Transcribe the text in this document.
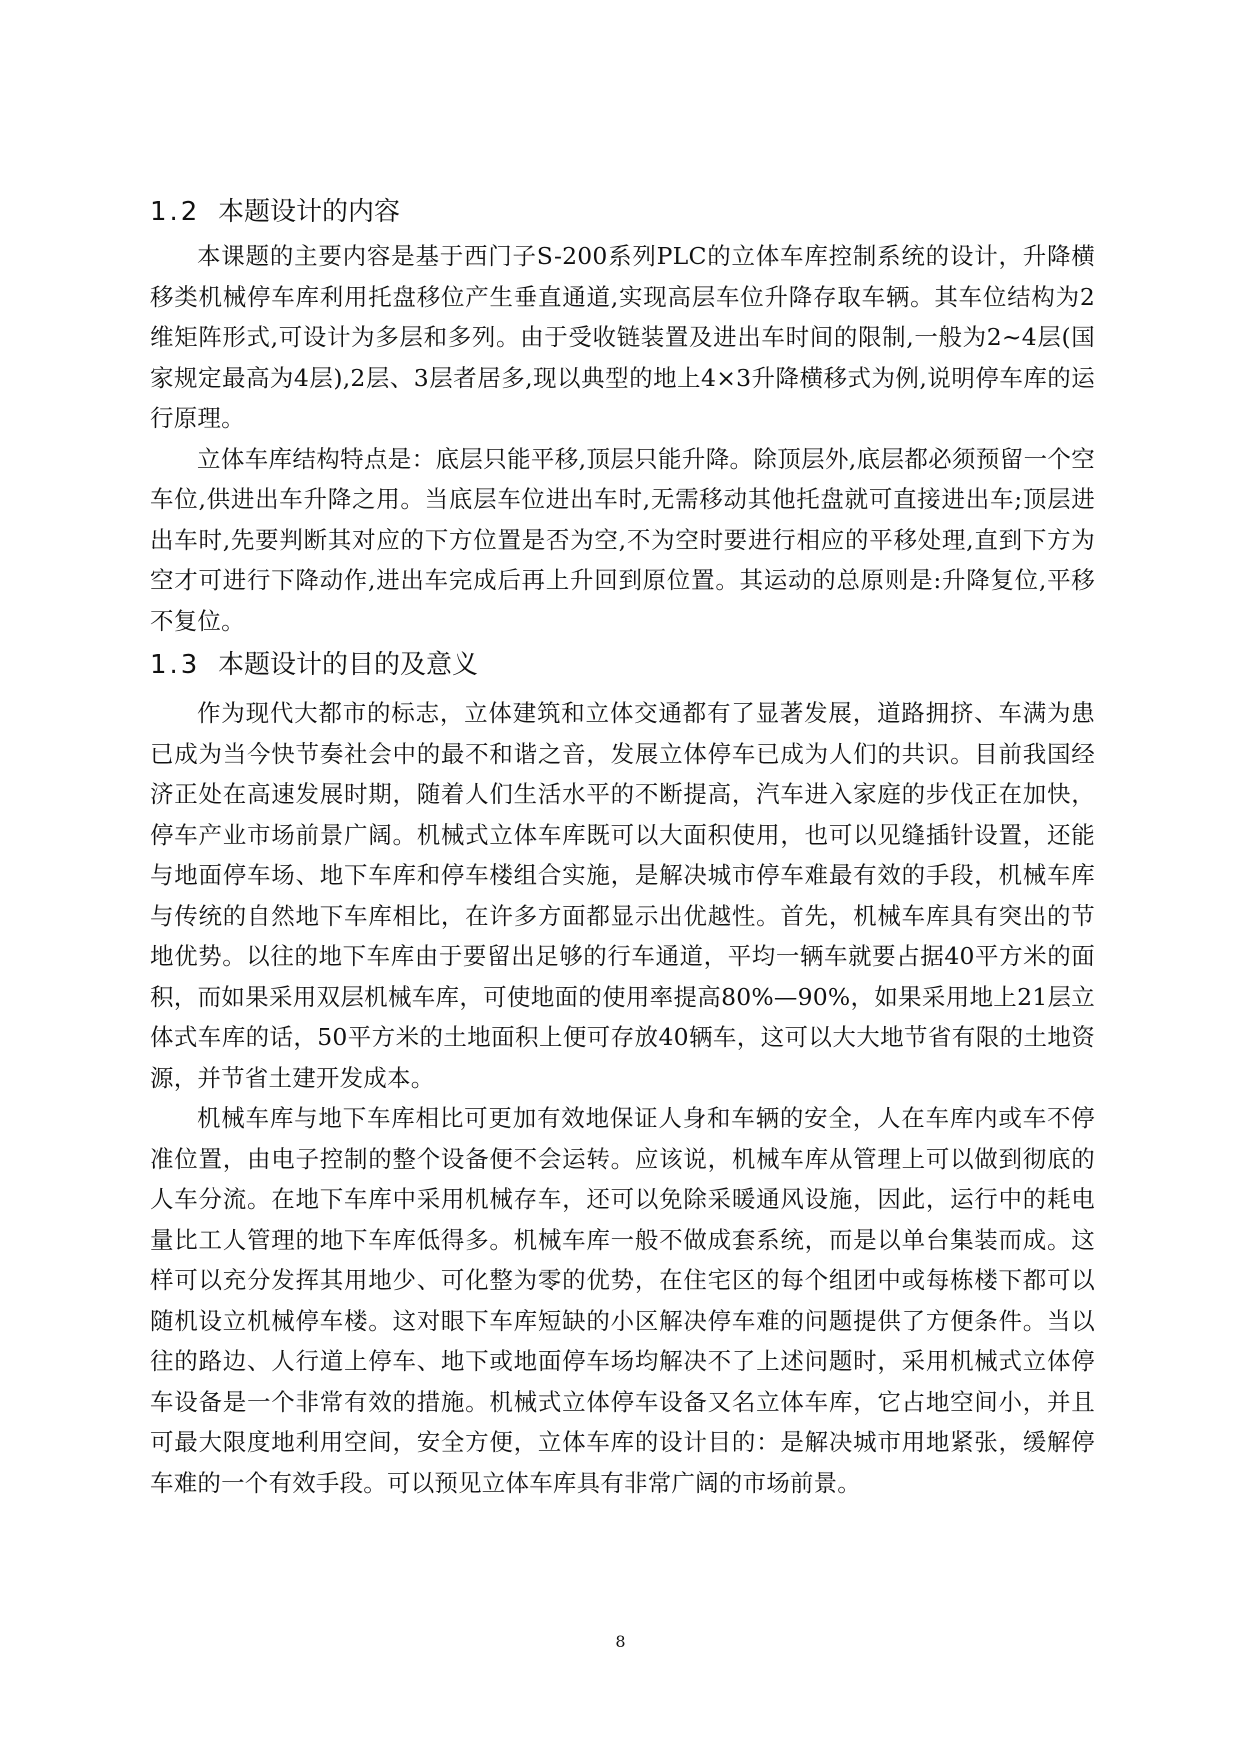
1.2 本题设计的内容

本课题的主要内容是基于西门子S-200系列PLC的立体车库控制系统的设计，升降横移类机械停车库利用托盘移位产生垂直通道,实现高层车位升降存取车辆。其车位结构为2维矩阵形式,可设计为多层和多列。由于受收链装置及进出车时间的限制,一般为2~4层(国家规定最高为4层),2层、3层者居多,现以典型的地上4×3升降横移式为例,说明停车库的运行原理。

立体车库结构特点是：底层只能平移,顶层只能升降。除顶层外,底层都必须预留一个空车位,供进出车升降之用。当底层车位进出车时,无需移动其他托盘就可直接进出车;顶层进出车时,先要判断其对应的下方位置是否为空,不为空时要进行相应的平移处理,直到下方为空才可进行下降动作,进出车完成后再上升回到原位置。其运动的总原则是:升降复位,平移不复位。

1.3 本题设计的目的及意义

作为现代大都市的标志，立体建筑和立体交通都有了显著发展，道路拥挤、车满为患已成为当今快节奏社会中的最不和谐之音，发展立体停车已成为人们的共识。目前我国经济正处在高速发展时期，随着人们生活水平的不断提高，汽车进入家庭的步伐正在加快，停车产业市场前景广阔。机械式立体车库既可以大面积使用，也可以见缝插针设置，还能与地面停车场、地下车库和停车楼组合实施，是解决城市停车难最有效的手段，机械车库与传统的自然地下车库相比，在许多方面都显示出优越性。首先，机械车库具有突出的节地优势。以往的地下车库由于要留出足够的行车通道，平均一辆车就要占据40平方米的面积，而如果采用双层机械车库，可使地面的使用率提高80%—90%，如果采用地上21层立体式车库的话，50平方米的土地面积上便可存放40辆车，这可以大大地节省有限的土地资源，并节省土建开发成本。

机械车库与地下车库相比可更加有效地保证人身和车辆的安全，人在车库内或车不停准位置，由电子控制的整个设备便不会运转。应该说，机械车库从管理上可以做到彻底的人车分流。在地下车库中采用机械存车，还可以免除采暖通风设施，因此，运行中的耗电量比工人管理的地下车库低得多。机械车库一般不做成套系统，而是以单台集装而成。这样可以充分发挥其用地少、可化整为零的优势，在住宅区的每个组团中或每栋楼下都可以随机设立机械停车楼。这对眼下车库短缺的小区解决停车难的问题提供了方便条件。当以往的路边、人行道上停车、地下或地面停车场均解决不了上述问题时，采用机械式立体停车设备是一个非常有效的措施。机械式立体停车设备又名立体车库，它占地空间小，并且可最大限度地利用空间，安全方便，立体车库的设计目的：是解决城市用地紧张，缓解停车难的一个有效手段。可以预见立体车库具有非常广阔的市场前景。

8
